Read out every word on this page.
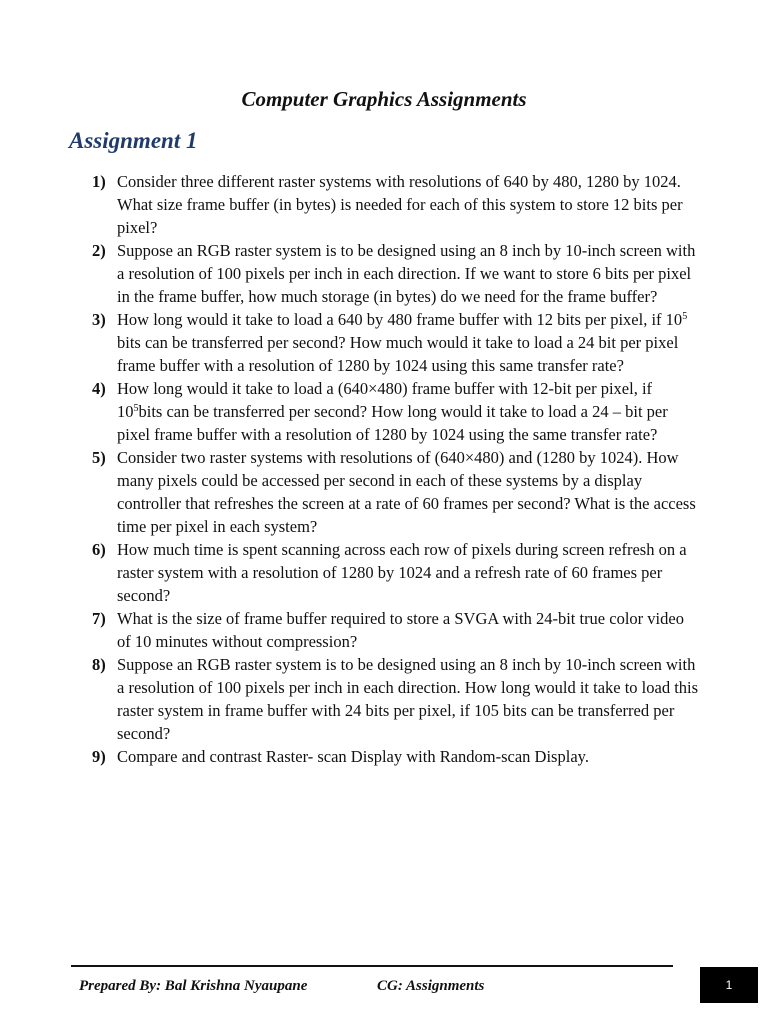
Computer Graphics Assignments
Assignment 1
1) Consider three different raster systems with resolutions of 640 by 480, 1280 by 1024. What size frame buffer (in bytes) is needed for each of this system to store 12 bits per pixel?
2) Suppose an RGB raster system is to be designed using an 8 inch by 10-inch screen with a resolution of 100 pixels per inch in each direction. If we want to store 6 bits per pixel in the frame buffer, how much storage (in bytes) do we need for the frame buffer?
3) How long would it take to load a 640 by 480 frame buffer with 12 bits per pixel, if $10^5$ bits can be transferred per second? How much would it take to load a 24 bit per pixel frame buffer with a resolution of 1280 by 1024 using this same transfer rate?
4) How long would it take to load a (640×480) frame buffer with 12-bit per pixel, if $10^5bits$ can be transferred per second? How long would it take to load a 24 – bit per pixel frame buffer with a resolution of 1280 by 1024 using the same transfer rate?
5) Consider two raster systems with resolutions of (640×480) and (1280 by 1024). How many pixels could be accessed per second in each of these systems by a display controller that refreshes the screen at a rate of 60 frames per second? What is the access time per pixel in each system?
6) How much time is spent scanning across each row of pixels during screen refresh on a raster system with a resolution of 1280 by 1024 and a refresh rate of 60 frames per second?
7) What is the size of frame buffer required to store a SVGA with 24-bit true color video of 10 minutes without compression?
8) Suppose an RGB raster system is to be designed using an 8 inch by 10-inch screen with a resolution of 100 pixels per inch in each direction. How long would it take to load this raster system in frame buffer with 24 bits per pixel, if 105 bits can be transferred per second?
9) Compare and contrast Raster- scan Display with Random-scan Display.
Prepared By: Bal Krishna Nyaupane	CG: Assignments	1
